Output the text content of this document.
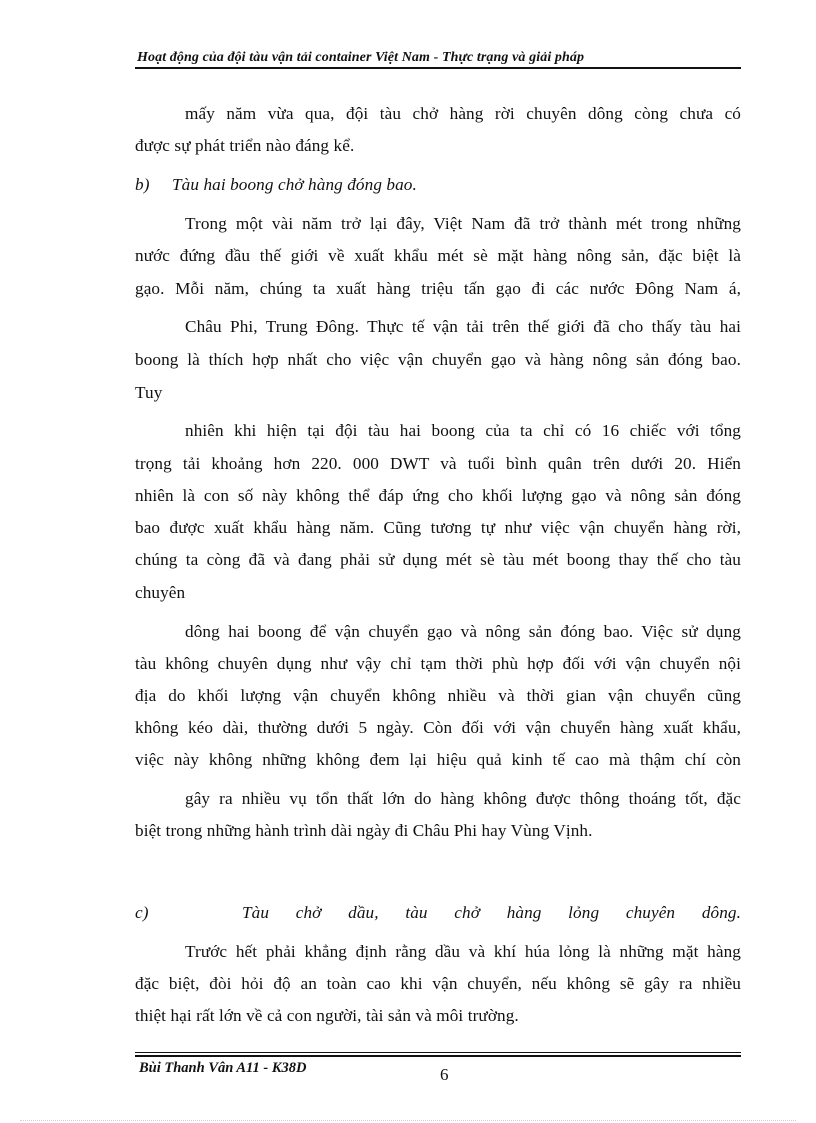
Hoạt động của đội tàu vận tải container Việt Nam - Thực trạng và giải pháp
mấy năm vừa qua, đội tàu chở hàng rời chuyên dông còng chưa có
được sự phát triển nào đáng kể.
b) Tàu hai boong chở hàng đóng bao.
Trong một vài năm trở lại đây, Việt Nam đã trở thành mét trong những
nước đứng đầu thế giới về xuất khẩu mét sè mặt hàng nông sản, đặc biệt là
gạo. Mỗi năm, chúng ta xuất hàng triệu tấn gạo đi các nước Đông Nam á,
Châu Phi, Trung Đông. Thực tế vận tải trên thế giới đã cho thấy tàu hai
boong là thích hợp nhất cho việc vận chuyển gạo và hàng nông sản đóng bao.
Tuy
nhiên khi hiện tại đội tàu hai boong của ta chỉ có 16 chiếc với tổng
trọng tải khoảng hơn 220. 000 DWT và tuổi bình quân trên dưới 20. Hiển
nhiên là con số này không thể đáp ứng cho khối lượng gạo và nông sản đóng
bao được xuất khẩu hàng năm. Cũng tương tự như việc vận chuyển hàng rời,
chúng ta còng đã và đang phải sử dụng mét sè tàu mét boong thay thế cho tàu
chuyên
dông hai boong để vận chuyển gạo và nông sản đóng bao. Việc sử dụng
tàu không chuyên dụng như vậy chỉ tạm thời phù hợp đối với vận chuyển nội
địa do khối lượng vận chuyển không nhiều và thời gian vận chuyển cũng
không kéo dài, thường dưới 5 ngày. Còn đối với vận chuyển hàng xuất khẩu,
việc này không những không đem lại hiệu quả kinh tế cao mà thậm chí còn
gây ra nhiều vụ tổn thất lớn do hàng không được thông thoáng tốt, đặc
biệt trong những hành trình dài ngày đi Châu Phi hay Vùng Vịnh.
c)	Tàu chở dầu, tàu chở hàng lỏng chuyên dông.
Trước hết phải khẳng định rằng dầu và khí húa lỏng là những mặt hàng
đặc biệt, đòi hỏi độ an toàn cao khi vận chuyển, nếu không sẽ gây ra nhiều
thiệt hại rất lớn về cả con người, tài sản và môi trường.
Bùi Thanh Vân A11 - K38D	6
